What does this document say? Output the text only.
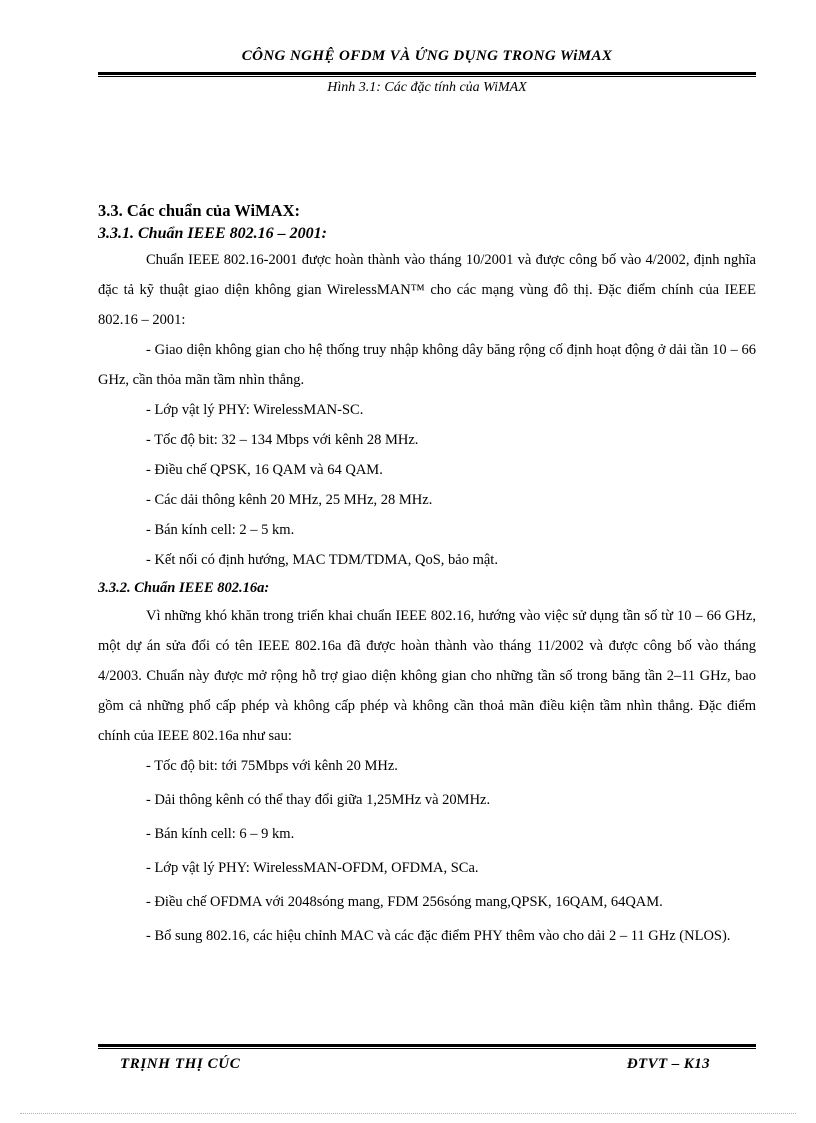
CÔNG NGHỆ OFDM VÀ ỨNG DỤNG TRONG WiMAX
Hình 3.1: Các đặc tính của WiMAX
3.3. Các chuẩn của WiMAX:
3.3.1. Chuẩn IEEE 802.16 – 2001:

Chuẩn IEEE 802.16-2001 được hoàn thành vào tháng 10/2001 và được công bố vào 4/2002, định nghĩa đặc tả kỹ thuật giao diện không gian WirelessMAN™ cho các mạng vùng đô thị. Đặc điểm chính của IEEE 802.16 – 2001:

- Giao diện không gian cho hệ thống truy nhập không dây băng rộng cố định hoạt động ở dải tần 10 – 66 GHz, cần thỏa mãn tầm nhìn thẳng.

- Lớp vật lý PHY: WirelessMAN-SC.

- Tốc độ bit: 32 – 134 Mbps với kênh 28 MHz.

- Điều chế QPSK, 16 QAM và 64 QAM.

- Các dải thông kênh 20 MHz, 25 MHz, 28 MHz.

- Bán kính cell: 2 – 5 km.

- Kết nối có định hướng, MAC TDM/TDMA, QoS, bảo mật.

3.3.2. Chuẩn IEEE 802.16a:

Vì những khó khăn trong triển khai chuẩn IEEE 802.16, hướng vào việc sử dụng tần số từ 10 – 66 GHz, một dự án sửa đổi có tên IEEE 802.16a đã được hoàn thành vào tháng 11/2002 và được công bố vào tháng 4/2003. Chuẩn này được mở rộng hỗ trợ giao diện không gian cho những tần số trong băng tần 2–11 GHz, bao gồm cả những phổ cấp phép và không cấp phép và không cần thoả mãn điều kiện tầm nhìn thẳng. Đặc điểm chính của IEEE 802.16a như sau:

- Tốc độ bit: tới 75Mbps với kênh 20 MHz.

- Dải thông kênh có thể thay đổi giữa 1,25MHz và 20MHz.

- Bán kính cell: 6 – 9 km.

- Lớp vật lý PHY: WirelessMAN-OFDM, OFDMA, SCa.

- Điều chế OFDMA với 2048sóng mang, FDM 256sóng mang,QPSK, 16QAM, 64QAM.

- Bổ sung 802.16, các hiệu chỉnh MAC và các đặc điểm PHY thêm vào cho dải 2 – 11 GHz (NLOS).

TRỊNH THỊ CÚC	ĐTVT – K13
